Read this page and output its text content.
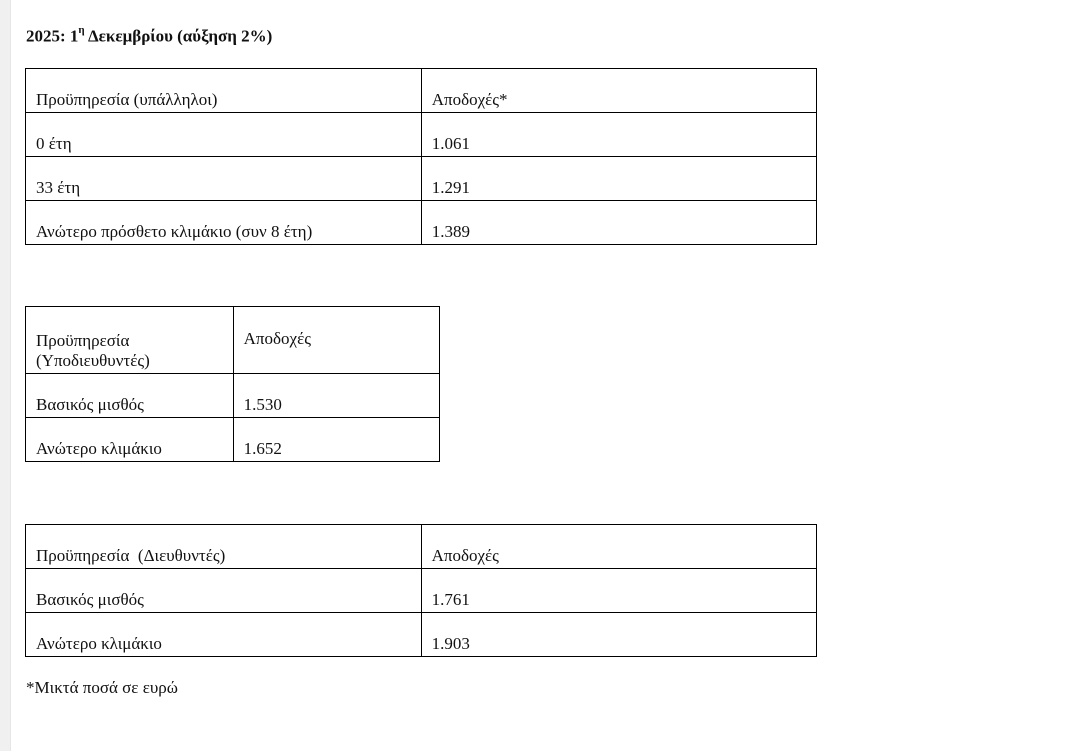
2025: $1^\eta$ Δεκεμβρίου (αύξηση 2%)
Προϋπηρεσία (υπάλληλοι)	Αποδοχές*
0 έτη	1.061
33 έτη	1.291
Ανώτερο πρόσθετο κλιμάκιο (συν 8 έτη)	1.389
Προϋπηρεσία (Υποδιευθυντές)	Αποδοχές
Βασικός μισθός	1.530
Ανώτερο κλιμάκιο	1.652
Προϋπηρεσία  (Διευθυντές)	Αποδοχές
Βασικός μισθός	1.761
Ανώτερο κλιμάκιο	1.903
*Μικτά ποσά σε ευρώ
